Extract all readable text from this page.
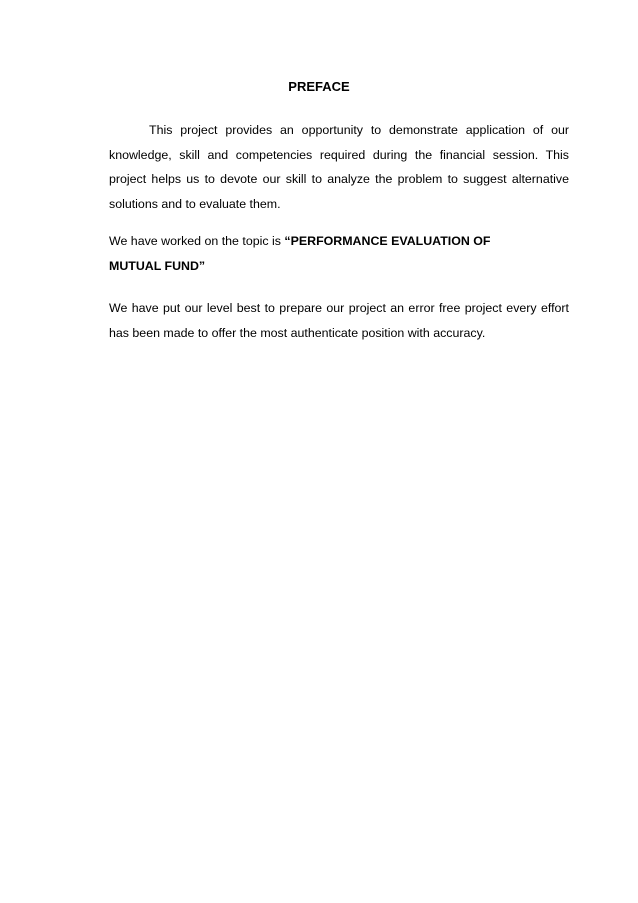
PREFACE

This project provides an opportunity to demonstrate application of our knowledge, skill and competencies required during the financial session. This project helps us to devote our skill to analyze the problem to suggest alternative solutions and to evaluate them.

We have worked on the topic is “PERFORMANCE EVALUATION OF MUTUAL FUND”

We have put our level best to prepare our project an error free project every effort has been made to offer the most authenticate position with accuracy.
